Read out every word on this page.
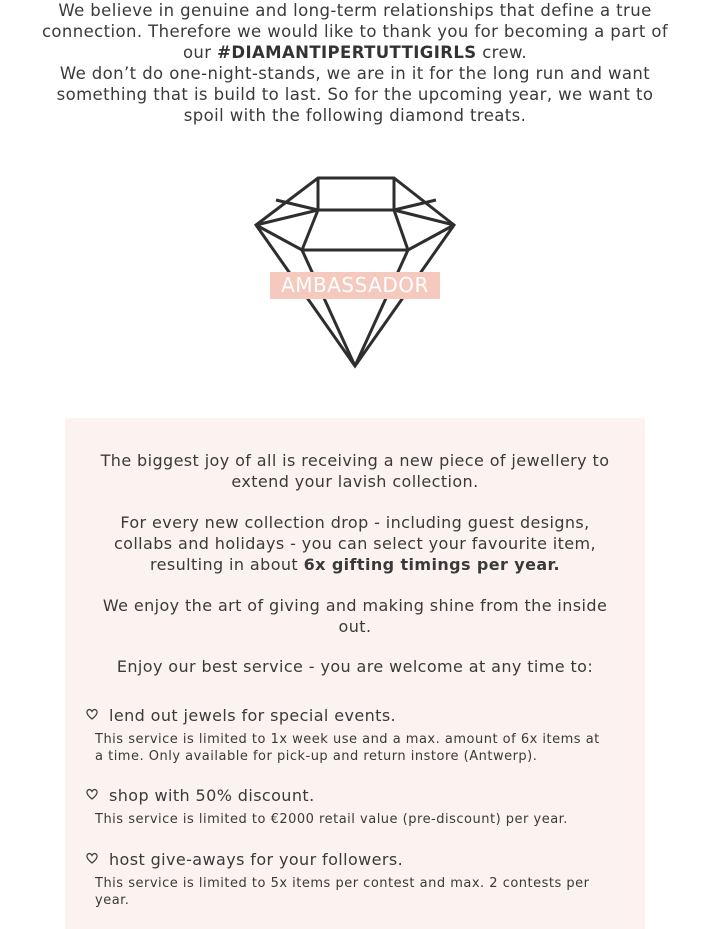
We believe in genuine and long-term relationships that define a true connection. Therefore we would like to thank you for becoming a part of our #DIAMANTIPERTUTTIGIRLS crew.

We don’t do one-night-stands, we are in it for the long run and want something that is build to last. So for the upcoming year, we want to spoil with the following diamond treats.

AMBASSADOR
The biggest joy of all is receiving a new piece of jewellery to extend your lavish collection.
For every new collection drop - including guest designs, collabs and holidays - you can select your favourite item, resulting in about 6x gifting timings per year.
We enjoy the art of giving and making shine from the inside out.
Enjoy our best service - you are welcome at any time to:
lend out jewels for special events.
This service is limited to 1x week use and a max. amount of 6x items at a time. Only available for pick-up and return instore (Antwerp).
shop with 50% discount.
This service is limited to €2000 retail value (pre-discount) per year.
host give-aways for your followers.
This service is limited to 5x items per contest and max. 2 contests per year.
